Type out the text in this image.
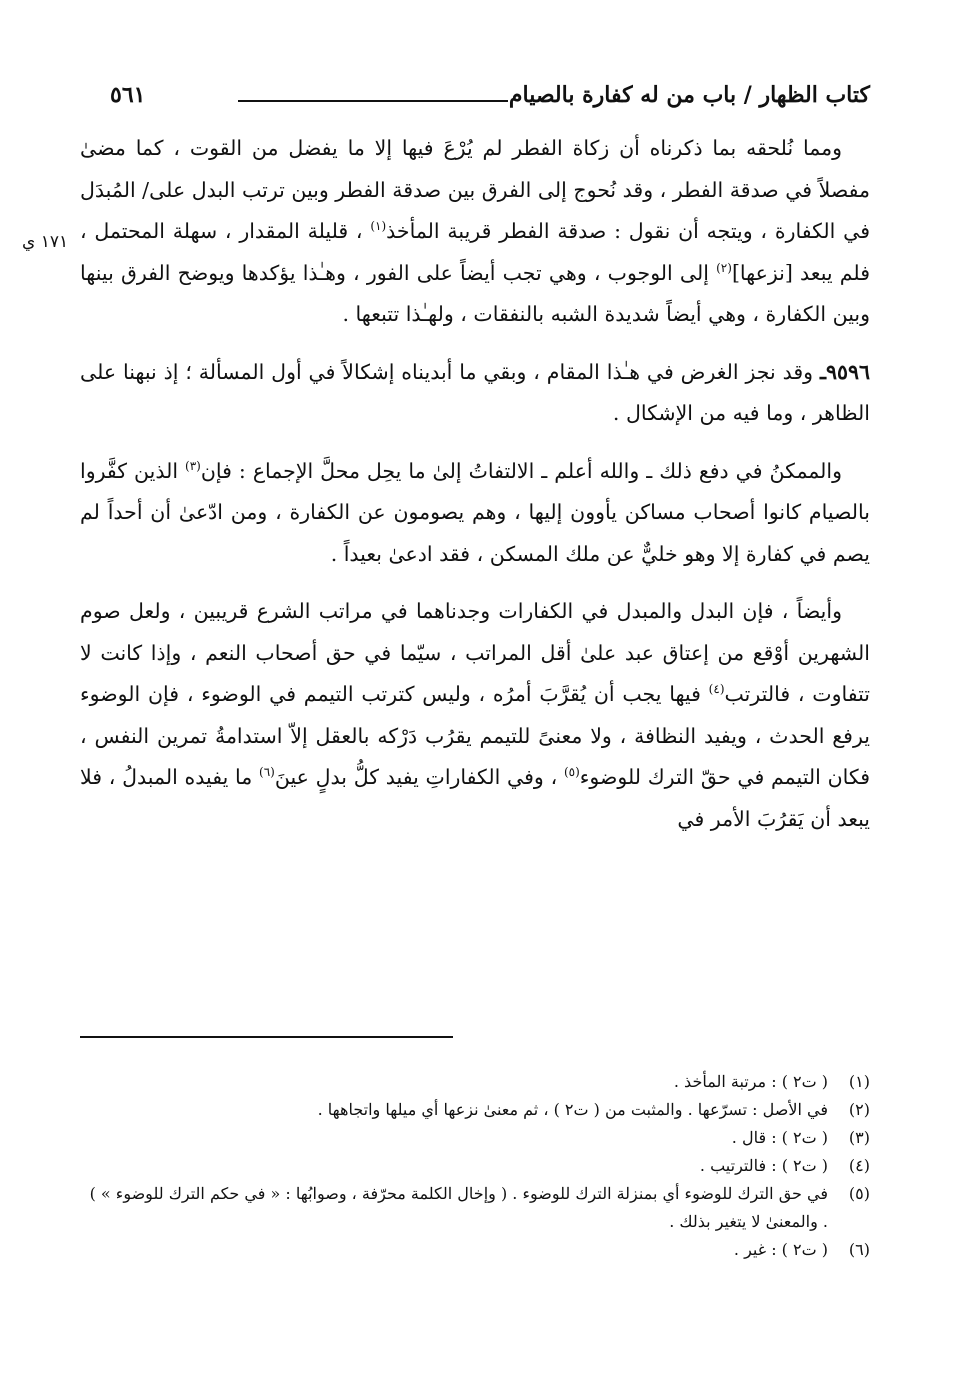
كتاب الظهار / باب من له كفارة بالصيام
٥٦١
١٧١ ي

ومما نُلحقه بما ذكرناه أن زكاة الفطر لم يُرْعَ فيها إلا ما يفضل من القوت ، كما مضىٰ مفصلاً في صدقة الفطر ، وقد نُحوج إلى الفرق بين صدقة الفطر وبين ترتب البدل على/ المُبدَل في الكفارة ، ويتجه أن نقول : صدقة الفطر قريبة المأخذ$^{(١)}$ ، قليلة المقدار ، سهلة المحتمل ، فلم يبعد [نزعها]$^{(٢)}$ إلى الوجوب ، وهي تجب أيضاً على الفور ، وهـٰذا يؤكدها ويوضح الفرق بينها وبين الكفارة ، وهي أيضاً شديدة الشبه بالنفقات ، ولهـٰذا تتبعها .

٩٥٩٦ـ وقد نجز الغرض في هـٰذا المقام ، وبقي ما أبديناه إشكالاً في أول المسألة ؛ إذ نبهنا على الظاهر ، وما فيه من الإشكال .

والممكنُ في دفع ذلك ـ والله أعلم ـ الالتفاتُ إلىٰ ما يحِل محلَّ الإجماع : فإن$^{(٣)}$ الذين كفَّروا بالصيام كانوا أصحاب مساكن يأوون إليها ، وهم يصومون عن الكفارة ، ومن ادّعىٰ أن أحداً لم يصم في كفارة إلا وهو خليٌّ عن ملك المسكن ، فقد ادعىٰ بعيداً .

وأيضاً ، فإن البدل والمبدل في الكفارات وجدناهما في مراتب الشرع قريبين ، ولعل صوم الشهرين أوْقع من إعتاق عبد علىٰ أقل المراتب ، سيّما في حق أصحاب النعم ، وإذا كانت لا تتفاوت ، فالترتب$^{(٤)}$ فيها يجب أن يُقرَّبَ أمرُه ، وليس كترتب التيمم في الوضوء ، فإن الوضوء يرفع الحدث ، ويفيد النظافة ، ولا معنىً للتيمم يقرُب دَرْكه بالعقل إلاّ استدامةُ تمرين النفس ، فكان التيمم في حقّ الترك للوضوء$^{(٥)}$ ، وفي الكفاراتِ يفيد كلُّ بدلٍ عينَ$^{(٦)}$ ما يفيده المبدلُ ، فلا يبعد أن يَقرُبَ الأمر في

(١)
( ت٢ ) : مرتبة المأخذ .
(٢)
في الأصل : تسرّعها . والمثبت من ( ت٢ ) ، ثم معنىٰ نزعها أي ميلها واتجاهها .
(٣)
( ت٢ ) : قال .
(٤)
( ت٢ ) : فالترتيب .
(٥)
في حق الترك للوضوء أي بمنزلة الترك للوضوء . ( وإخال الكلمة محرّفة ، وصوابُها : « في حكم الترك للوضوء » ) . والمعنىٰ لا يتغير بذلك .
(٦)
( ت٢ ) : غير .
